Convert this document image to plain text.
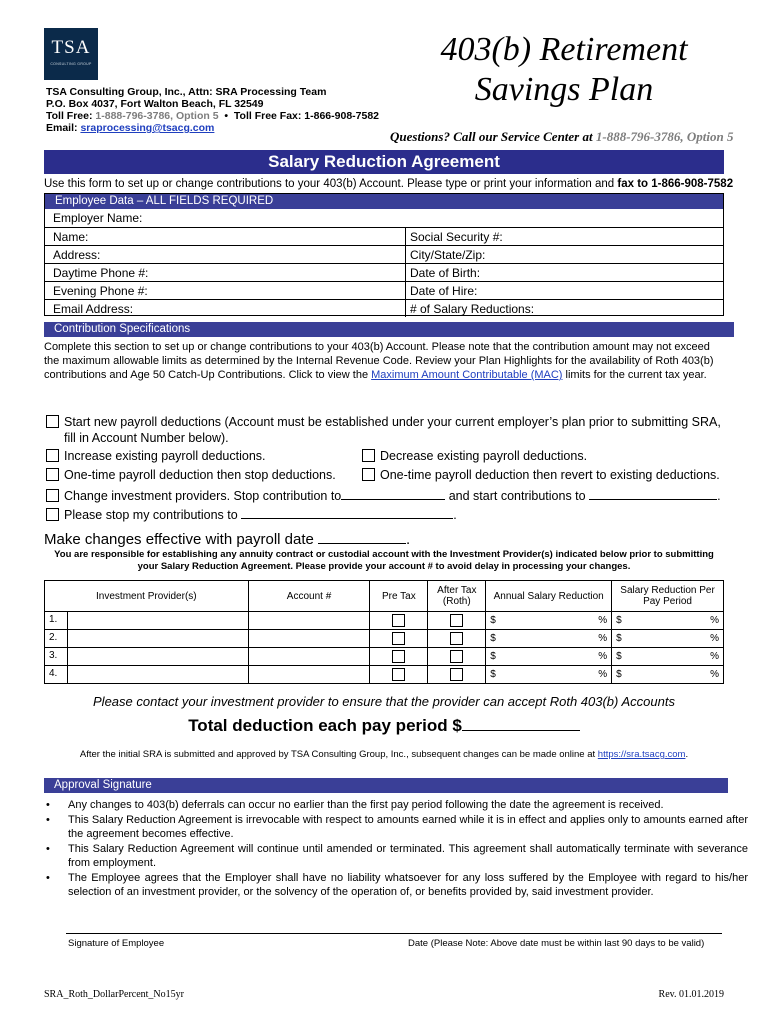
TSA
CONSULTING GROUP
TSA Consulting Group, Inc., Attn: SRA Processing Team
P.O. Box 4037, Fort Walton Beach, FL 32549
Toll Free: 1-888-796-3786, Option 5  •  Toll Free Fax: 1-866-908-7582
Email: sraprocessing@tsacg.com
403(b) Retirement
Savings Plan
Questions? Call our Service Center at 1-888-796-3786, Option 5
Salary Reduction Agreement
Use this form to set up or change contributions to your 403(b) Account. Please type or print your information and fax to 1-866-908-7582
Employee Data – ALL FIELDS REQUIRED
Employer Name:
Name:	Social Security #:
Address:	City/State/Zip:
Daytime Phone #:	Date of Birth:
Evening Phone #:	Date of Hire:
Email Address:	# of Salary Reductions:
Contribution Specifications
Complete this section to set up or change contributions to your 403(b) Account. Please note that the contribution amount may not exceed the maximum allowable limits as determined by the Internal Revenue Code. Review your Plan Highlights for the availability of Roth 403(b) contributions and Age 50 Catch-Up Contributions. Click to view the Maximum Amount Contributable (MAC) limits for the current tax year.
Start new payroll deductions (Account must be established under your current employer’s plan prior to submitting SRA,
fill in Account Number below).
Increase existing payroll deductions.	Decrease existing payroll deductions.
One-time payroll deduction then stop deductions.	One-time payroll deduction then revert to existing deductions.
Change investment providers. Stop contribution to	and start contributions to	.
Please stop my contributions to	.
Make changes effective with payroll date	.
You are responsible for establishing any annuity contract or custodial account with the Investment Provider(s) indicated below prior to submitting your Salary Reduction Agreement. Please provide your account # to avoid delay in processing your changes.
Investment Provider(s)	Account #	Pre Tax	After Tax (Roth)	Annual Salary Reduction	Salary Reduction Per Pay Period

1.				$ %	$ %

2.				$ %	$ %

3.				$ %	$ %

4.				$ %	$ %
Please contact your investment provider to ensure that the provider can accept Roth 403(b) Accounts
Total deduction each pay period $
After the initial SRA is submitted and approved by TSA Consulting Group, Inc., subsequent changes can be made online at https://sra.tsacg.com.
Approval Signature
• Any changes to 403(b) deferrals can occur no earlier than the first pay period following the date the agreement is received.
• This Salary Reduction Agreement is irrevocable with respect to amounts earned while it is in effect and applies only to amounts earned after the agreement becomes effective.
• This Salary Reduction Agreement will continue until amended or terminated. This agreement shall automatically terminate with severance from employment.
• The Employee agrees that the Employer shall have no liability whatsoever for any loss suffered by the Employee with regard to his/her selection of an investment provider, or the solvency of the operation of, or benefits provided by, said investment provider.
Signature of Employee	Date (Please Note: Above date must be within last 90 days to be valid)
SRA_Roth_DollarPercent_No15yr	Rev. 01.01.2019
